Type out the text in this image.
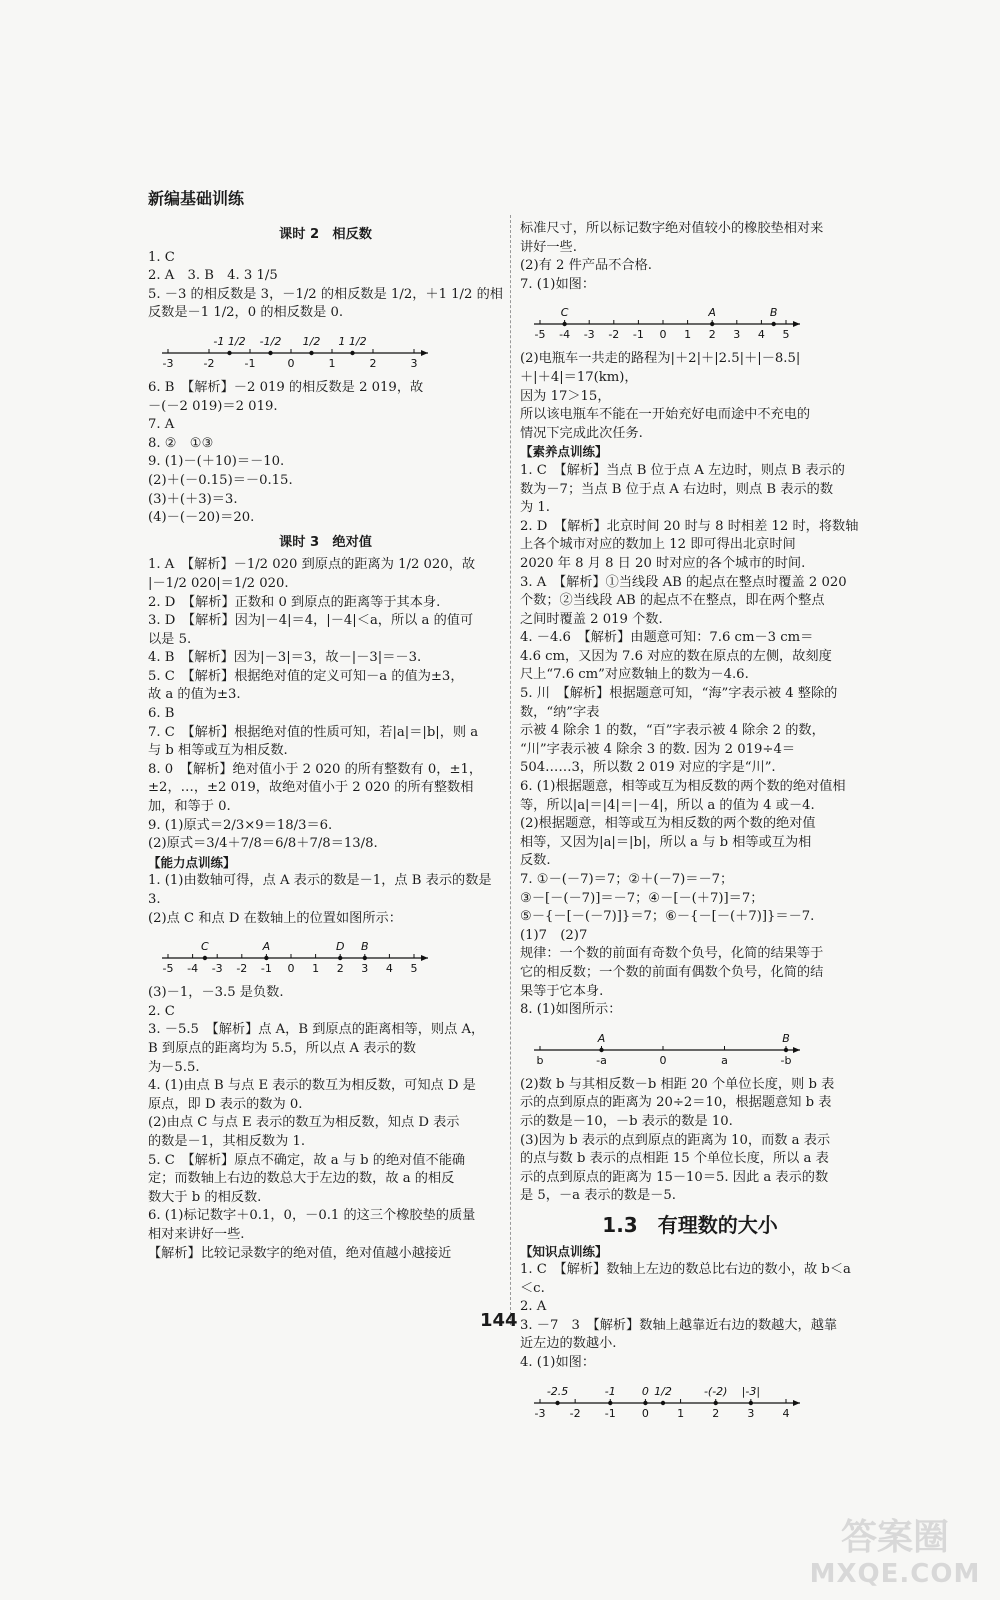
新编基础训练
课时 2　相反数
1. C
2. A　3. B　4. 3 1/5
5. －3 的相反数是 3，－1/2 的相反数是 1/2，＋1 1/2 的相
反数是－1 1/2，0 的相反数是 0.
-3	-2	-1	0	1	2	3
-1 1/2 -1/2 1/2 1 1/2
6. B　【解析】－2 019 的相反数是 2 019，故
－(－2 019)＝2 019.
7. A
8. ②　①③
9. (1)－(＋10)＝－10.
(2)＋(－0.15)＝－0.15.
(3)＋(＋3)＝3.
(4)－(－20)＝20.
课时 3　绝对值
1. A　【解析】－1/2 020 到原点的距离为 1/2 020，故
|－1/2 020|＝1/2 020.
2. D　【解析】正数和 0 到原点的距离等于其本身.
3. D　【解析】因为|－4|＝4，|－4|＜a，所以 a 的值可
以是 5.
4. B　【解析】因为|－3|＝3，故－|－3|＝－3.
5. C　【解析】根据绝对值的定义可知－a 的值为±3，
故 a 的值为±3.
6. B
7. C　【解析】根据绝对值的性质可知，若|a|＝|b|，则 a
与 b 相等或互为相反数.
8. 0　【解析】绝对值小于 2 020 的所有整数有 0，±1，
±2，…，±2 019，故绝对值小于 2 020 的所有整数相
加，和等于 0.
9. (1)原式＝2/3×9＝18/3＝6.
(2)原式＝3/4＋7/8＝6/8＋7/8＝13/8.
【能力点训练】
1. (1)由数轴可得，点 A 表示的数是－1，点 B 表示的数是
3.
(2)点 C 和点 D 在数轴上的位置如图所示：
-5 -4 -3 -2 -1 0 1 2 3 4 5
C	A	D B
(3)－1，－3.5 是负数.
2. C
3. －5.5　【解析】点 A，B 到原点的距离相等，则点 A，
B 到原点的距离均为 5.5，所以点 A 表示的数
为－5.5.
4. (1)由点 B 与点 E 表示的数互为相反数，可知点 D 是
原点，即 D 表示的数为 0.
(2)由点 C 与点 E 表示的数互为相反数，知点 D 表示
的数是－1，其相反数为 1.
5. C　【解析】原点不确定，故 a 与 b 的绝对值不能确
定；而数轴上右边的数总大于左边的数，故 a 的相反
数大于 b 的相反数.
6. (1)标记数字＋0.1，0，－0.1 的这三个橡胶垫的质量
相对来讲好一些.
【解析】比较记录数字的绝对值，绝对值越小越接近
标准尺寸，所以标记数字绝对值较小的橡胶垫相对来
讲好一些.
(2)有 2 件产品不合格.
7. (1)如图：
-5 -4 -3 -2 -1 0 1 2 3 4 5
C	A	B
(2)电瓶车一共走的路程为|＋2|＋|2.5|＋|－8.5|
＋|＋4|＝17(km)，
因为 17＞15，
所以该电瓶车不能在一开始充好电而途中不充电的
情况下完成此次任务.
【素养点训练】
1. C　【解析】当点 B 位于点 A 左边时，则点 B 表示的
数为－7；当点 B 位于点 A 右边时，则点 B 表示的数
为 1.
2. D　【解析】北京时间 20 时与 8 时相差 12 时，将数轴
上各个城市对应的数加上 12 即可得出北京时间
2020 年 8 月 8 日 20 时对应的各个城市的时间.
3. A　【解析】①当线段 AB 的起点在整点时覆盖 2 020
个数；②当线段 AB 的起点不在整点，即在两个整点
之间时覆盖 2 019 个数.
4. －4.6　【解析】由题意可知：7.6 cm－3 cm＝
4.6 cm，又因为 7.6 对应的数在原点的左侧，故刻度
尺上“7.6 cm”对应数轴上的数为－4.6.
5. 川　【解析】根据题意可知，“海”字表示被 4 整除的数，“纳”字表
示被 4 除余 1 的数，“百”字表示被 4 除余 2 的数，
“川”字表示被 4 除余 3 的数. 因为 2 019÷4＝
504……3，所以数 2 019 对应的字是“川”.
6. (1)根据题意，相等或互为相反数的两个数的绝对值相
等，所以|a|＝|4|＝|－4|，所以 a 的值为 4 或－4.
(2)根据题意，相等或互为相反数的两个数的绝对值
相等，又因为|a|＝|b|，所以 a 与 b 相等或互为相
反数.
7. ①－(－7)＝7；②＋(－7)＝－7；
③－[－(－7)]＝－7；④－[－(＋7)]＝7；
⑤－{－[－(－7)]}＝7；⑥－{－[－(＋7)]}＝－7.
(1)7　(2)7
规律：一个数的前面有奇数个负号，化简的结果等于
它的相反数；一个数的前面有偶数个负号，化简的结
果等于它本身.
8. (1)如图所示：
b	-a	0	a	-b
A	B
(2)数 b 与其相反数－b 相距 20 个单位长度，则 b 表
示的点到原点的距离为 20÷2＝10，根据题意知 b 表
示的数是－10，－b 表示的数是 10.
(3)因为 b 表示的点到原点的距离为 10，而数 a 表示
的点与数 b 表示的点相距 15 个单位长度，所以 a 表
示的点到原点的距离为 15－10＝5. 因此 a 表示的数
是 5，－a 表示的数是－5.
1.3　有理数的大小
【知识点训练】
1. C　【解析】数轴上左边的数总比右边的数小，故 b＜a
＜c.
2. A
3. －7　3　【解析】数轴上越靠近右边的数越大，越靠
近左边的数越小.
4. (1)如图：
-3 -2 -1 0	1	2	3	4
-2.5	-1 0 1/2	-(-2) |-3|
144
答案圈
MXQE.COM
